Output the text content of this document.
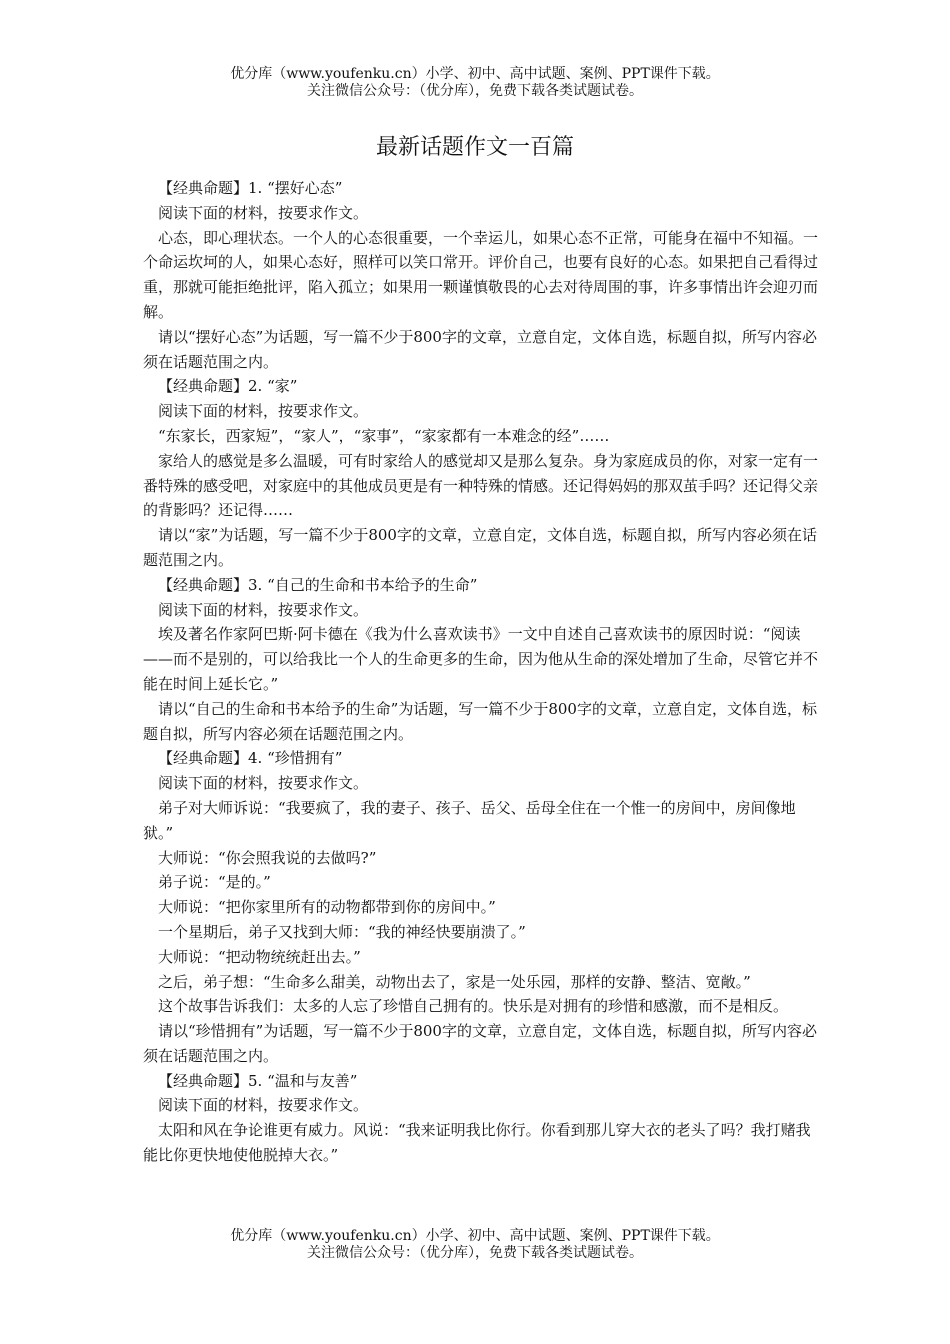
优分库（www.youfenku.cn）小学、初中、高中试题、案例、PPT课件下载。
关注微信公众号：（优分库），免费下载各类试题试卷。
最新话题作文一百篇

【经典命题】1. “摆好心态”

阅读下面的材料，按要求作文。

心态，即心理状态。一个人的心态很重要，一个幸运儿，如果心态不正常，可能身在福中不知福。一个命运坎坷的人，如果心态好，照样可以笑口常开。评价自己，也要有良好的心态。如果把自己看得过重，那就可能拒绝批评，陷入孤立；如果用一颗谨慎敬畏的心去对待周围的事，许多事情出许会迎刃而解。

请以“摆好心态”为话题，写一篇不少于800字的文章，立意自定，文体自选，标题自拟，所写内容必须在话题范围之内。

【经典命题】2. “家”

阅读下面的材料，按要求作文。

“东家长，西家短”，“家人”，“家事”，“家家都有一本难念的经”……

家给人的感觉是多么温暖，可有时家给人的感觉却又是那么复杂。身为家庭成员的你，对家一定有一番特殊的感受吧，对家庭中的其他成员更是有一种特殊的情感。还记得妈妈的那双茧手吗？还记得父亲的背影吗？还记得……

请以“家”为话题，写一篇不少于800字的文章，立意自定，文体自选，标题自拟，所写内容必须在话题范围之内。

【经典命题】3. “自己的生命和书本给予的生命”

阅读下面的材料，按要求作文。

埃及著名作家阿巴斯·阿卡德在《我为什么喜欢读书》一文中自述自己喜欢读书的原因时说：“阅读——而不是别的，可以给我比一个人的生命更多的生命，因为他从生命的深处增加了生命，尽管它并不能在时间上延长它。”

请以“自己的生命和书本给予的生命”为话题，写一篇不少于800字的文章，立意自定，文体自选，标题自拟，所写内容必须在话题范围之内。

【经典命题】4. “珍惜拥有”

阅读下面的材料，按要求作文。

弟子对大师诉说：“我要疯了，我的妻子、孩子、岳父、岳母全住在一个惟一的房间中，房间像地狱。”

大师说：“你会照我说的去做吗?”

弟子说：“是的。”

大师说：“把你家里所有的动物都带到你的房间中。”

一个星期后，弟子又找到大师：“我的神经快要崩溃了。”

大师说：“把动物统统赶出去。”

之后，弟子想：“生命多么甜美，动物出去了，家是一处乐园，那样的安静、整洁、宽敞。”

这个故事告诉我们：太多的人忘了珍惜自己拥有的。快乐是对拥有的珍惜和感激，而不是相反。

请以“珍惜拥有”为话题，写一篇不少于800字的文章，立意自定，文体自选，标题自拟，所写内容必须在话题范围之内。

【经典命题】5. “温和与友善”

阅读下面的材料，按要求作文。

太阳和风在争论谁更有威力。风说：“我来证明我比你行。你看到那儿穿大衣的老头了吗？我打赌我能比你更快地使他脱掉大衣。”

优分库（www.youfenku.cn）小学、初中、高中试题、案例、PPT课件下载。
关注微信公众号：（优分库），免费下载各类试题试卷。
